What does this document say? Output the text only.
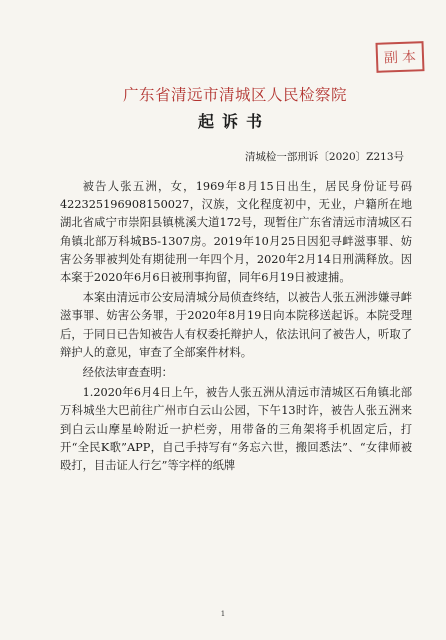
副本
广东省清远市清城区人民检察院
起诉书
清城检一部刑诉〔2020〕Z213号

被告人张五洲，女，1969年8月15日出生，居民身份证号码422325196908150027，汉族，文化程度初中，无业，户籍所在地湖北省咸宁市崇阳县镇桃溪大道172号，现暂住广东省清远市清城区石角镇北部万科城B5-1307房。2019年10月25日因犯寻衅滋事罪、妨害公务罪被判处有期徒刑一年四个月，2020年2月14日刑满释放。因本案于2020年6月6日被刑事拘留，同年6月19日被逮捕。

本案由清远市公安局清城分局侦查终结，以被告人张五洲涉嫌寻衅滋事罪、妨害公务罪，于2020年8月19日向本院移送起诉。本院受理后，于同日已告知被告人有权委托辩护人，依法讯问了被告人，听取了辩护人的意见，审查了全部案件材料。

经依法审查查明：

1.2020年6月4日上午，被告人张五洲从清远市清城区石角镇北部万科城坐大巴前往广州市白云山公园，下午13时许，被告人张五洲来到白云山摩星岭附近一护栏旁，用带备的三角架将手机固定后，打开“全民K歌”APP，自己手持写有“务忘六世，搬回悉法”、“女律师被殴打，目击证人行乞”等字样的纸牌

1
